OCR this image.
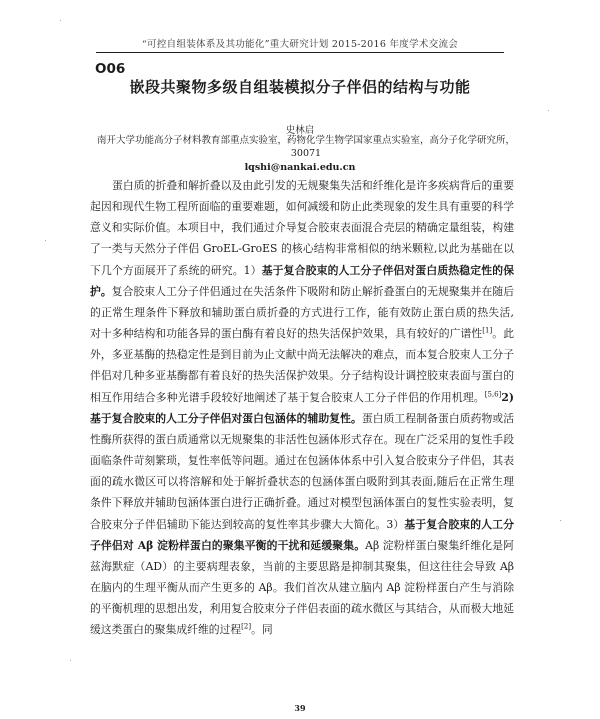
“可控自组装体系及其功能化”重大研究计划 2015-2016 年度学术交流会
O06
嵌段共聚物多级自组装模拟分子伴侣的结构与功能
史林启
南开大学功能高分子材料教育部重点实验室，药物化学生物学国家重点实验室，高分子化学研究所，30071
lqshi@nankai.edu.cn

蛋白质的折叠和解折叠以及由此引发的无规聚集失活和纤维化是许多疾病背后的重要起因和现代生物工程所面临的重要难题，如何减缓和防止此类现象的发生具有重要的科学意义和实际价值。本项目中，我们通过介导复合胶束表面混合壳层的精确定量组装，构建了一类与天然分子伴侣 GroEL-GroES 的核心结构非常相似的纳米颗粒,以此为基础在以下几个方面展开了系统的研究。1）基于复合胶束的人工分子伴侣对蛋白质热稳定性的保护。复合胶束人工分子伴侣通过在失活条件下吸附和防止解折叠蛋白的无规聚集并在随后的正常生理条件下释放和辅助蛋白质折叠的方式进行工作，能有效防止蛋白质的热失活,对十多种结构和功能各异的蛋白酶有着良好的热失活保护效果，具有较好的广谱性[1]。此外，多亚基酶的热稳定性是到目前为止文献中尚无法解决的难点，而本复合胶束人工分子伴侣对几种多亚基酶都有着良好的热失活保护效果。分子结构设计调控胶束表面与蛋白的相互作用结合多种光谱手段较好地阐述了基于复合胶束人工分子伴侣的作用机理。[5,6]2)基于复合胶束的人工分子伴侣对蛋白包涵体的辅助复性。蛋白质工程制备蛋白质药物或活性酶所获得的蛋白质通常以无规聚集的非活性包涵体形式存在。现在广泛采用的复性手段面临条件苛刻繁琐，复性率低等问题。通过在包涵体体系中引入复合胶束分子伴侣，其表面的疏水微区可以将溶解和处于解折叠状态的包涵体蛋白吸附到其表面,随后在正常生理条件下释放并辅助包涵体蛋白进行正确折叠。通过对模型包涵体蛋白的复性实验表明，复合胶束分子伴侣辅助下能达到较高的复性率其步骤大大简化。3）基于复合胶束的人工分子伴侣对 Aβ 淀粉样蛋白的聚集平衡的干扰和延缓聚集。Aβ 淀粉样蛋白聚集纤维化是阿兹海默症（AD）的主要病理表象，当前的主要思路是抑制其聚集，但这往往会导致 Aβ 在脑内的生理平衡从而产生更多的 Aβ。我们首次从建立脑内 Aβ 淀粉样蛋白产生与消除的平衡机理的思想出发，利用复合胶束分子伴侣表面的疏水微区与其结合，从而极大地延缓这类蛋白的聚集成纤维的过程[2]。同

39
